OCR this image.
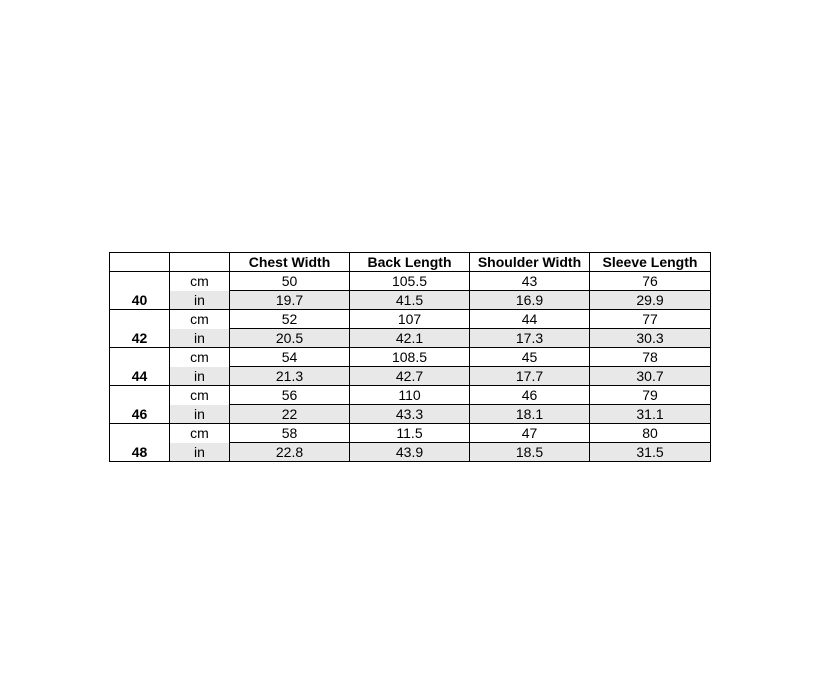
		Chest Width	Back Length	Shoulder Width	Sleeve Length
40	cm	50	105.5	43	76
	in	19.7	41.5	16.9	29.9
42	cm	52	107	44	77
	in	20.5	42.1	17.3	30.3
44	cm	54	108.5	45	78
	in	21.3	42.7	17.7	30.7
46	cm	56	110	46	79
	in	22	43.3	18.1	31.1
48	cm	58	11.5	47	80
	in	22.8	43.9	18.5	31.5
